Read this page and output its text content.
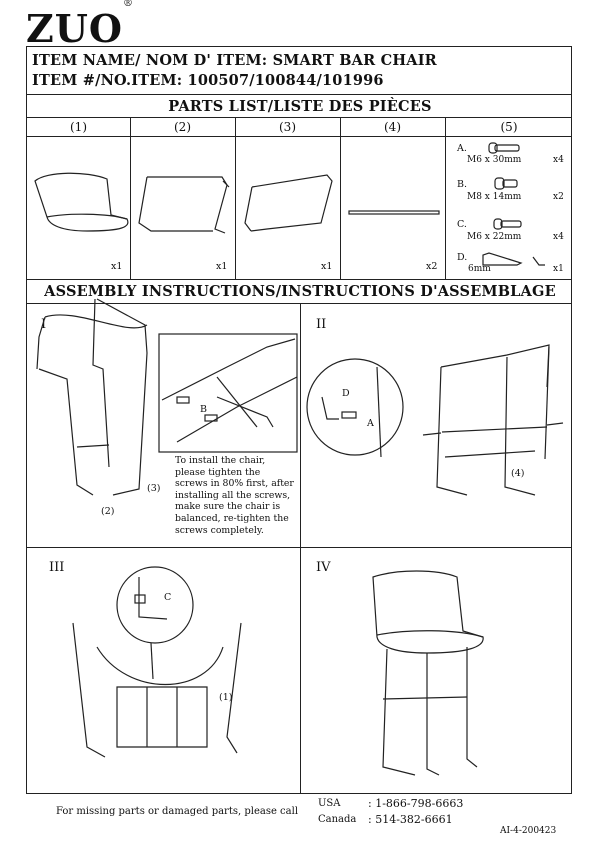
ZUO®
ITEM NAME/ NOM D' ITEM: SMART BAR CHAIR
ITEM #/NO.ITEM: 100507/100844/101996
PARTS LIST/LISTE DES PIÈCES
(1)	(2)	(3)	(4)	(5)
x1	x1	x1	x2
A.
M6 x 30mm	x4
B.
M8 x 14mm	x2
C.
M6 x 22mm	x4
D.
6mm	x1
ASSEMBLY INSTRUCTIONS/INSTRUCTIONS D'ASSEMBLAGE
I	II
III	IV
B
(3)
(2)
To install the chair, please tighten the screws in 80% first, after installing all the screws, make sure the chair is balanced, re-tighten the screws completely.
D
A
(4)
C
(1)
For missing parts or damaged parts, please call
USA	: 1-866-798-6663
Canada : 514-382-6661
AI-4-200423
